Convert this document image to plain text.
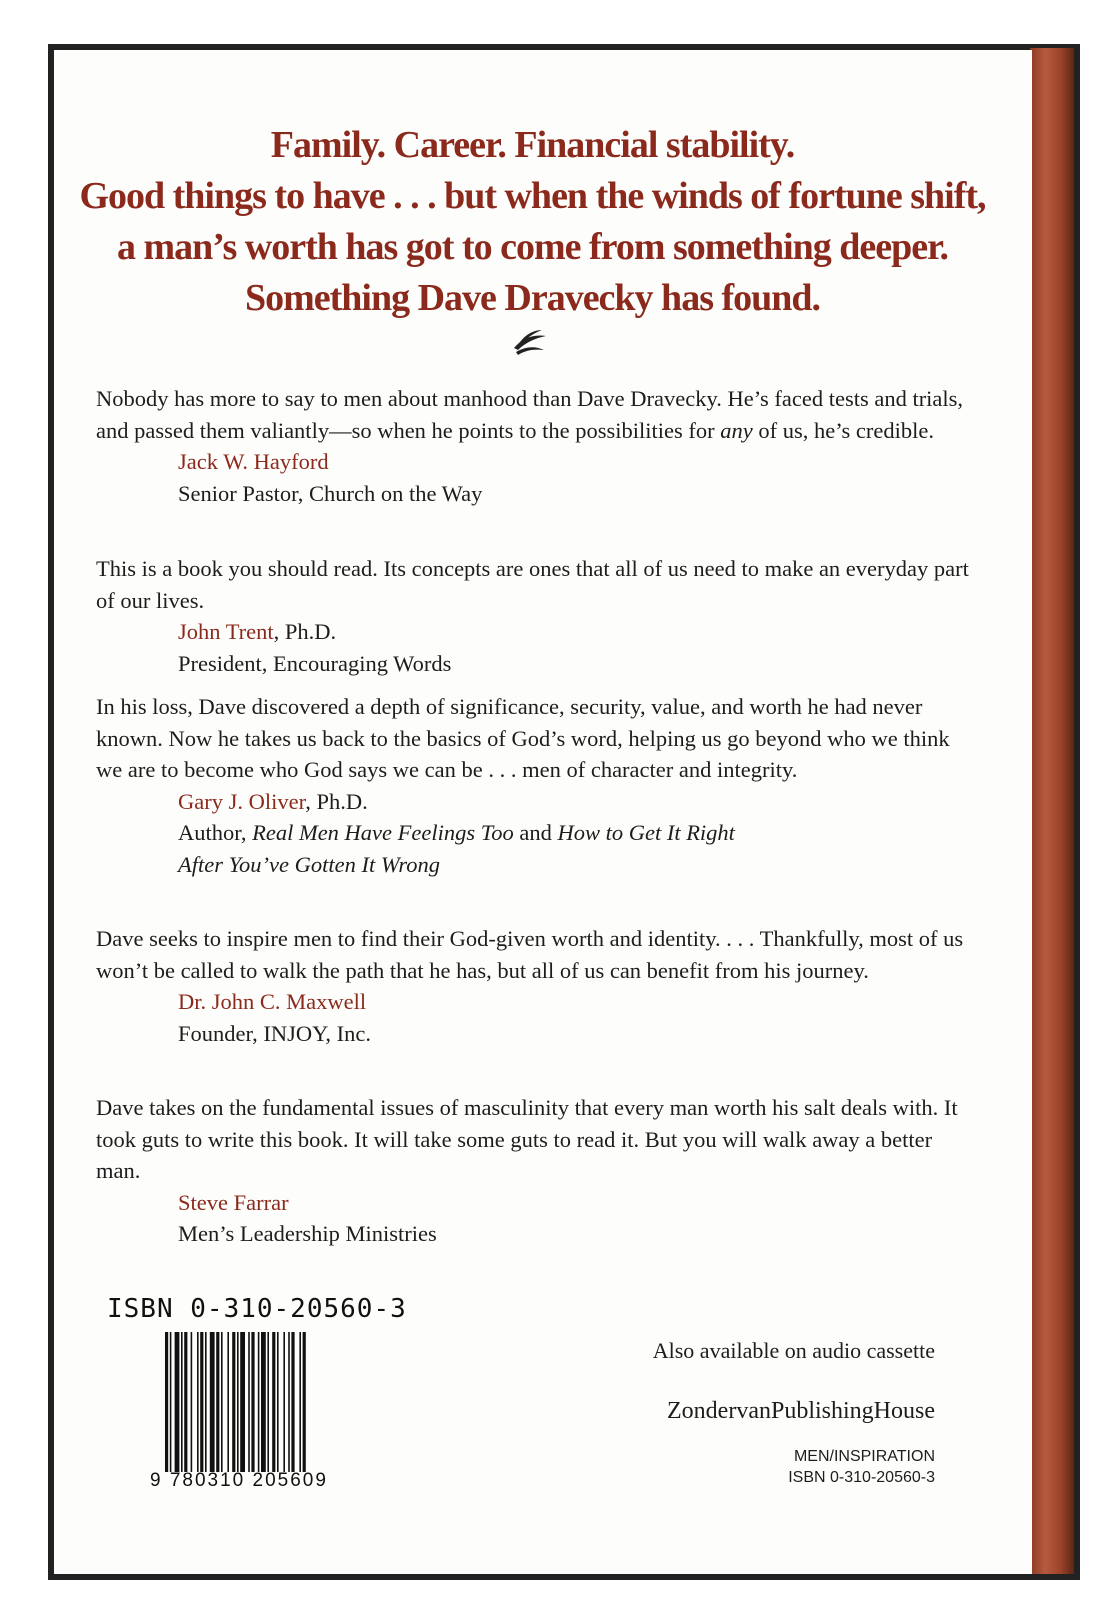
Family. Career. Financial stability.
Good things to have . . . but when the winds of fortune shift,
a man’s worth has got to come from something deeper.
Something Dave Dravecky has found.

Nobody has more to say to men about manhood than Dave Dravecky. He’s faced tests and trials, and passed them valiantly—so when he points to the possibilities for any of us, he’s credible.

Jack W. Hayford
Senior Pastor, Church on the Way

This is a book you should read. Its concepts are ones that all of us need to make an everyday part of our lives.

John Trent, Ph.D.
President, Encouraging Words

In his loss, Dave discovered a depth of significance, security, value, and worth he had never known. Now he takes us back to the basics of God’s word, helping us go beyond who we think we are to become who God says we can be . . . men of character and integrity.

Gary J. Oliver, Ph.D.
Author, Real Men Have Feelings Too and How to Get It Right
After You’ve Gotten It Wrong

Dave seeks to inspire men to find their God-given worth and identity. . . . Thankfully, most of us won’t be called to walk the path that he has, but all of us can benefit from his journey.

Dr. John C. Maxwell
Founder, INJOY, Inc.

Dave takes on the fundamental issues of masculinity that every man worth his salt deals with. It took guts to write this book. It will take some guts to read it. But you will walk away a better man.

Steve Farrar
Men’s Leadership Ministries
ISBN 0-310-20560-3
9 780310 205609
Also available on audio cassette
ZondervanPublishingHouse
MEN/INSPIRATION
ISBN 0-310-20560-3
